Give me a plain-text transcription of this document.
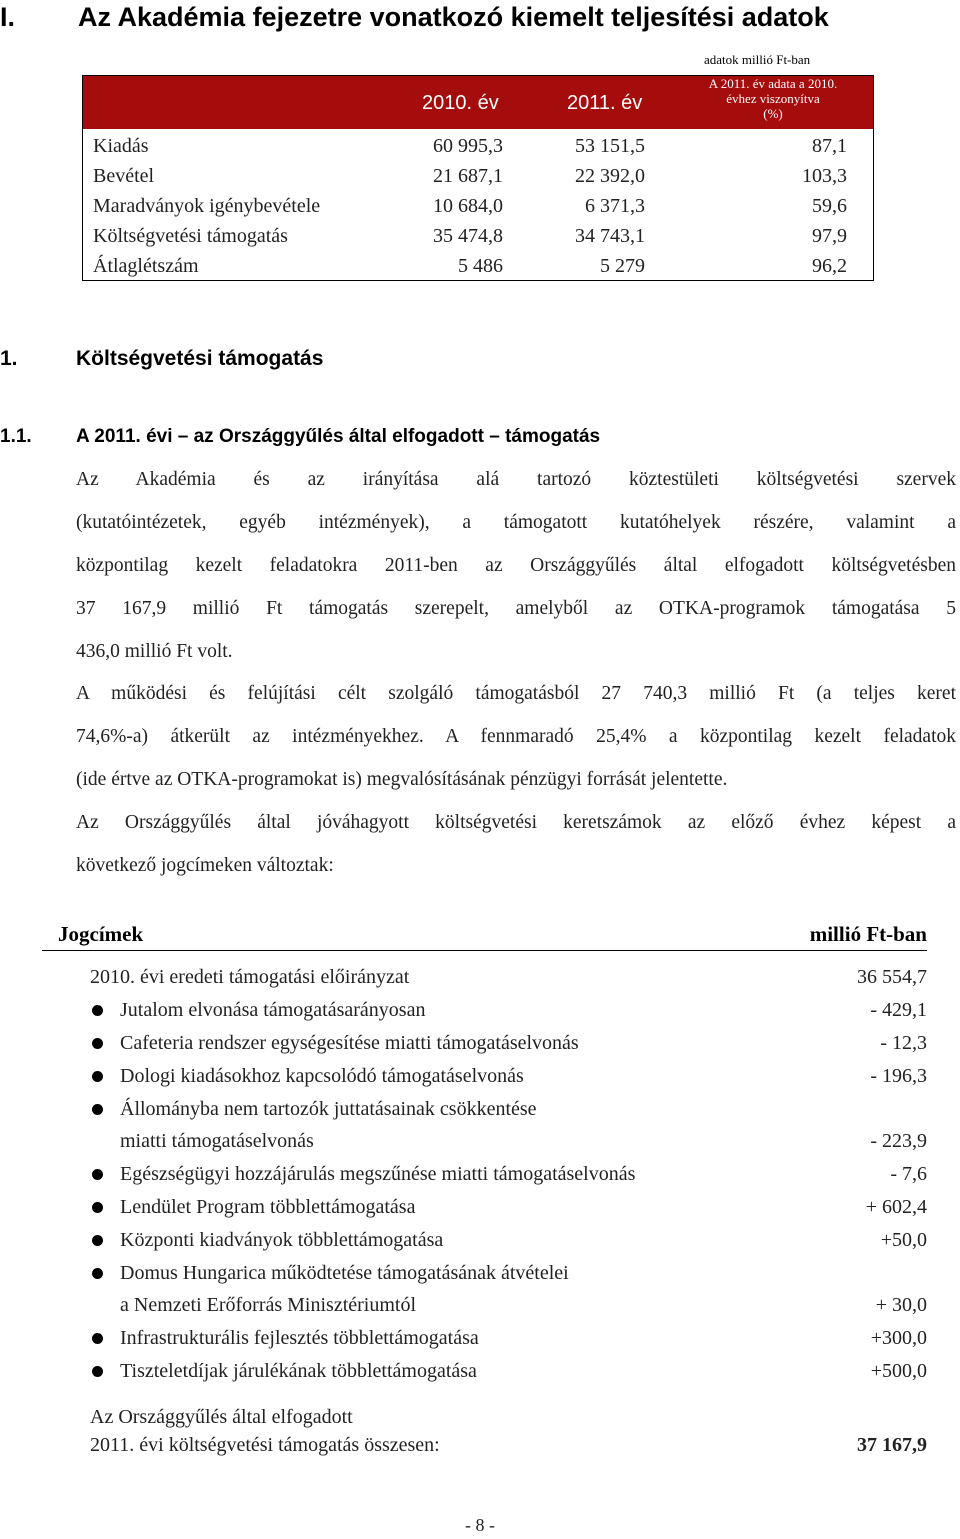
I. Az Akadémia fejezetre vonatkozó kiemelt teljesítési adatok
adatok millió Ft-ban
2010. év	2011. év
A 2011. év adata a 2010.
évhez viszonyítva
(%)
Kiadás	60 995,3	53 151,5	87,1
Bevétel	21 687,1	22 392,0	103,3
Maradványok igénybevétele	10 684,0	6 371,3	59,6
Költségvetési támogatás	35 474,8	34 743,1	97,9
Átlaglétszám	5 486	5 279	96,2
1.	Költségvetési támogatás
1.1. A 2011. évi – az Országgyűlés által elfogadott – támogatás
Az Akadémia és az irányítása alá tartozó köztestületi költségvetési szervek
(kutatóintézetek, egyéb intézmények), a támogatott kutatóhelyek részére, valamint a
központilag kezelt feladatokra 2011-ben az Országgyűlés által elfogadott költségvetésben
37 167,9 millió Ft támogatás szerepelt, amelyből az OTKA-programok támogatása 5
436,0 millió Ft volt.
A működési és felújítási célt szolgáló támogatásból 27 740,3 millió Ft (a teljes keret
74,6%-a) átkerült az intézményekhez. A fennmaradó 25,4% a központilag kezelt feladatok
(ide értve az OTKA-programokat is) megvalósításának pénzügyi forrását jelentette.
Az Országgyűlés által jóváhagyott költségvetési keretszámok az előző évhez képest a
következő jogcímeken változtak:
Jogcímek	millió Ft-ban
2010. évi eredeti támogatási előirányzat	36 554,7
Jutalom elvonása támogatásarányosan	- 429,1
Cafeteria rendszer egységesítése miatti támogatáselvonás	- 12,3
Dologi kiadásokhoz kapcsolódó támogatáselvonás	- 196,3
Állományba nem tartozók juttatásainak csökkentése
miatti támogatáselvonás	- 223,9
Egészségügyi hozzájárulás megszűnése miatti támogatáselvonás	- 7,6
Lendület Program többlettámogatása	+ 602,4
Központi kiadványok többlettámogatása	+50,0
Domus Hungarica működtetése támogatásának átvételei
a Nemzeti Erőforrás Minisztériumtól	+ 30,0
Infrastrukturális fejlesztés többlettámogatása	+300,0
Tiszteletdíjak járulékának többlettámogatása	+500,0
Az Országgyűlés által elfogadott
2011. évi költségvetési támogatás összesen:	37 167,9
- 8 -
